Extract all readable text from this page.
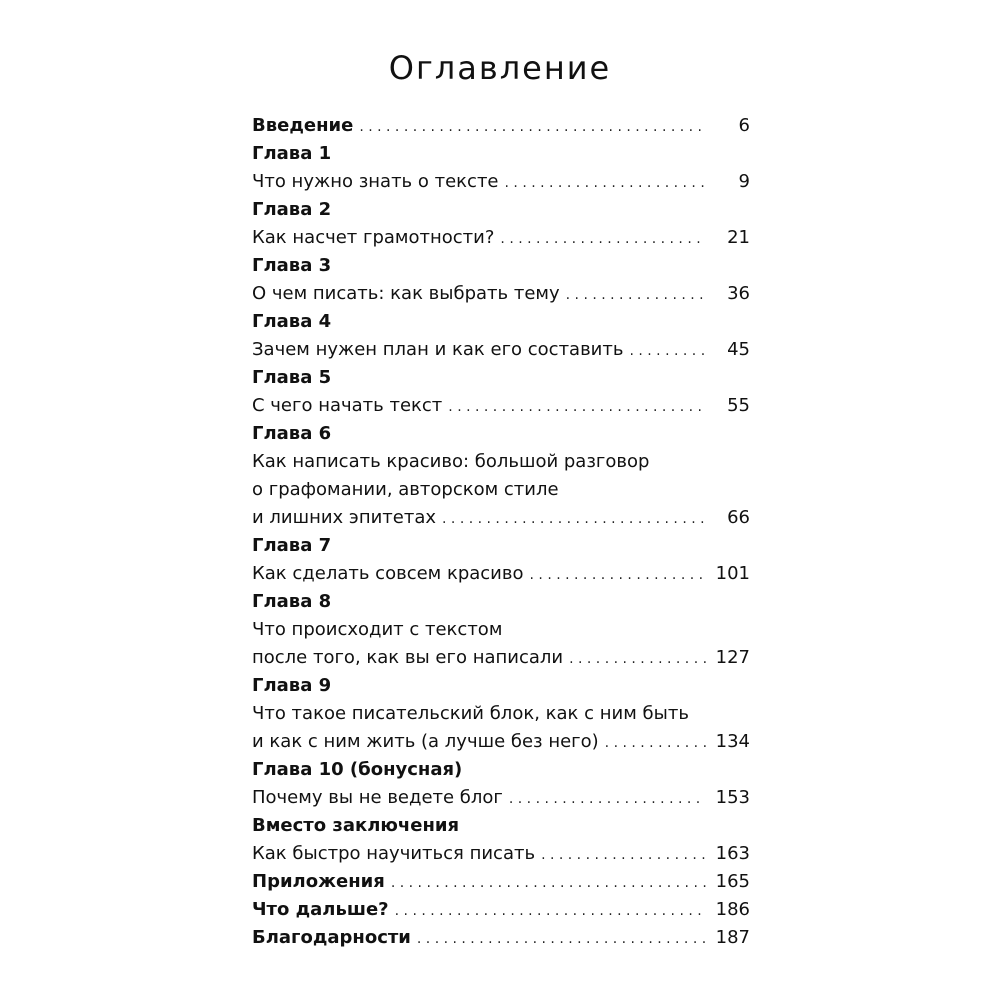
Оглавление
Введение . . .	6
Глава 1
Что нужно знать о тексте . . .	9
Глава 2
Как насчет грамотности? . . .	21
Глава 3
О чем писать: как выбрать тему . . .	36
Глава 4
Зачем нужен план и как его составить . . .	45
Глава 5
С чего начать текст . . .	55
Глава 6
Как написать красиво: большой разговор
о графомании, авторском стиле
и лишних эпитетах . . .	66
Глава 7
Как сделать совсем красиво . . .	101
Глава 8
Что происходит с текстом
после того, как вы его написали . . .	127
Глава 9
Что такое писательский блок, как с ним быть
и как с ним жить (а лучше без него) . . .	134
Глава 10 (бонусная)
Почему вы не ведете блог . . .	153
Вместо заключения
Как быстро научиться писать . . .	163
Приложения . . .	165
Что дальше? . . .	186
Благодарности . . .	187
